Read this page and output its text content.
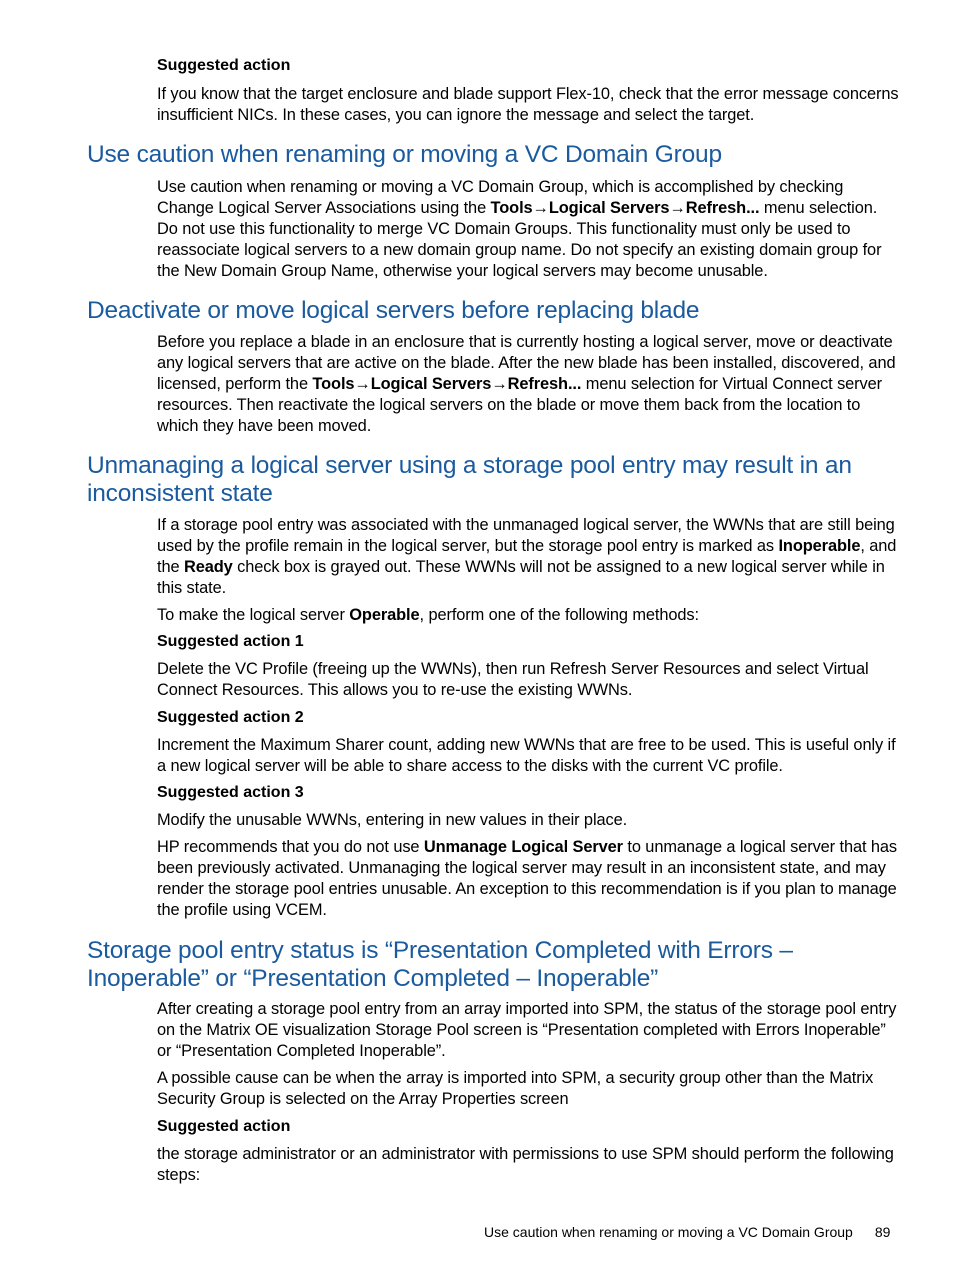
Suggested action

If you know that the target enclosure and blade support Flex-10, check that the error message concerns insufficient NICs. In these cases, you can ignore the message and select the target.

Use caution when renaming or moving a VC Domain Group

Use caution when renaming or moving a VC Domain Group, which is accomplished by checking Change Logical Server Associations using the Tools→Logical Servers→Refresh... menu selection. Do not use this functionality to merge VC Domain Groups. This functionality must only be used to reassociate logical servers to a new domain group name. Do not specify an existing domain group for the New Domain Group Name, otherwise your logical servers may become unusable.

Deactivate or move logical servers before replacing blade

Before you replace a blade in an enclosure that is currently hosting a logical server, move or deactivate any logical servers that are active on the blade. After the new blade has been installed, discovered, and licensed, perform the Tools→Logical Servers→Refresh... menu selection for Virtual Connect server resources. Then reactivate the logical servers on the blade or move them back from the location to which they have been moved.

Unmanaging a logical server using a storage pool entry may result in an inconsistent state

If a storage pool entry was associated with the unmanaged logical server, the WWNs that are still being used by the profile remain in the logical server, but the storage pool entry is marked as Inoperable, and the Ready check box is grayed out. These WWNs will not be assigned to a new logical server while in this state.

To make the logical server Operable, perform one of the following methods:

Suggested action 1

Delete the VC Profile (freeing up the WWNs), then run Refresh Server Resources and select Virtual Connect Resources. This allows you to re-use the existing WWNs.

Suggested action 2

Increment the Maximum Sharer count, adding new WWNs that are free to be used. This is useful only if a new logical server will be able to share access to the disks with the current VC profile.

Suggested action 3

Modify the unusable WWNs, entering in new values in their place.

HP recommends that you do not use Unmanage Logical Server to unmanage a logical server that has been previously activated. Unmanaging the logical server may result in an inconsistent state, and may render the storage pool entries unusable. An exception to this recommendation is if you plan to manage the profile using VCEM.

Storage pool entry status is “Presentation Completed with Errors – Inoperable” or “Presentation Completed – Inoperable”

After creating a storage pool entry from an array imported into SPM, the status of the storage pool entry on the Matrix OE visualization Storage Pool screen is “Presentation completed with Errors Inoperable” or “Presentation Completed Inoperable”.

A possible cause can be when the array is imported into SPM, a security group other than the Matrix Security Group is selected on the Array Properties screen

Suggested action

the storage administrator or an administrator with permissions to use SPM should perform the following steps:

Use caution when renaming or moving a VC Domain Group 89
